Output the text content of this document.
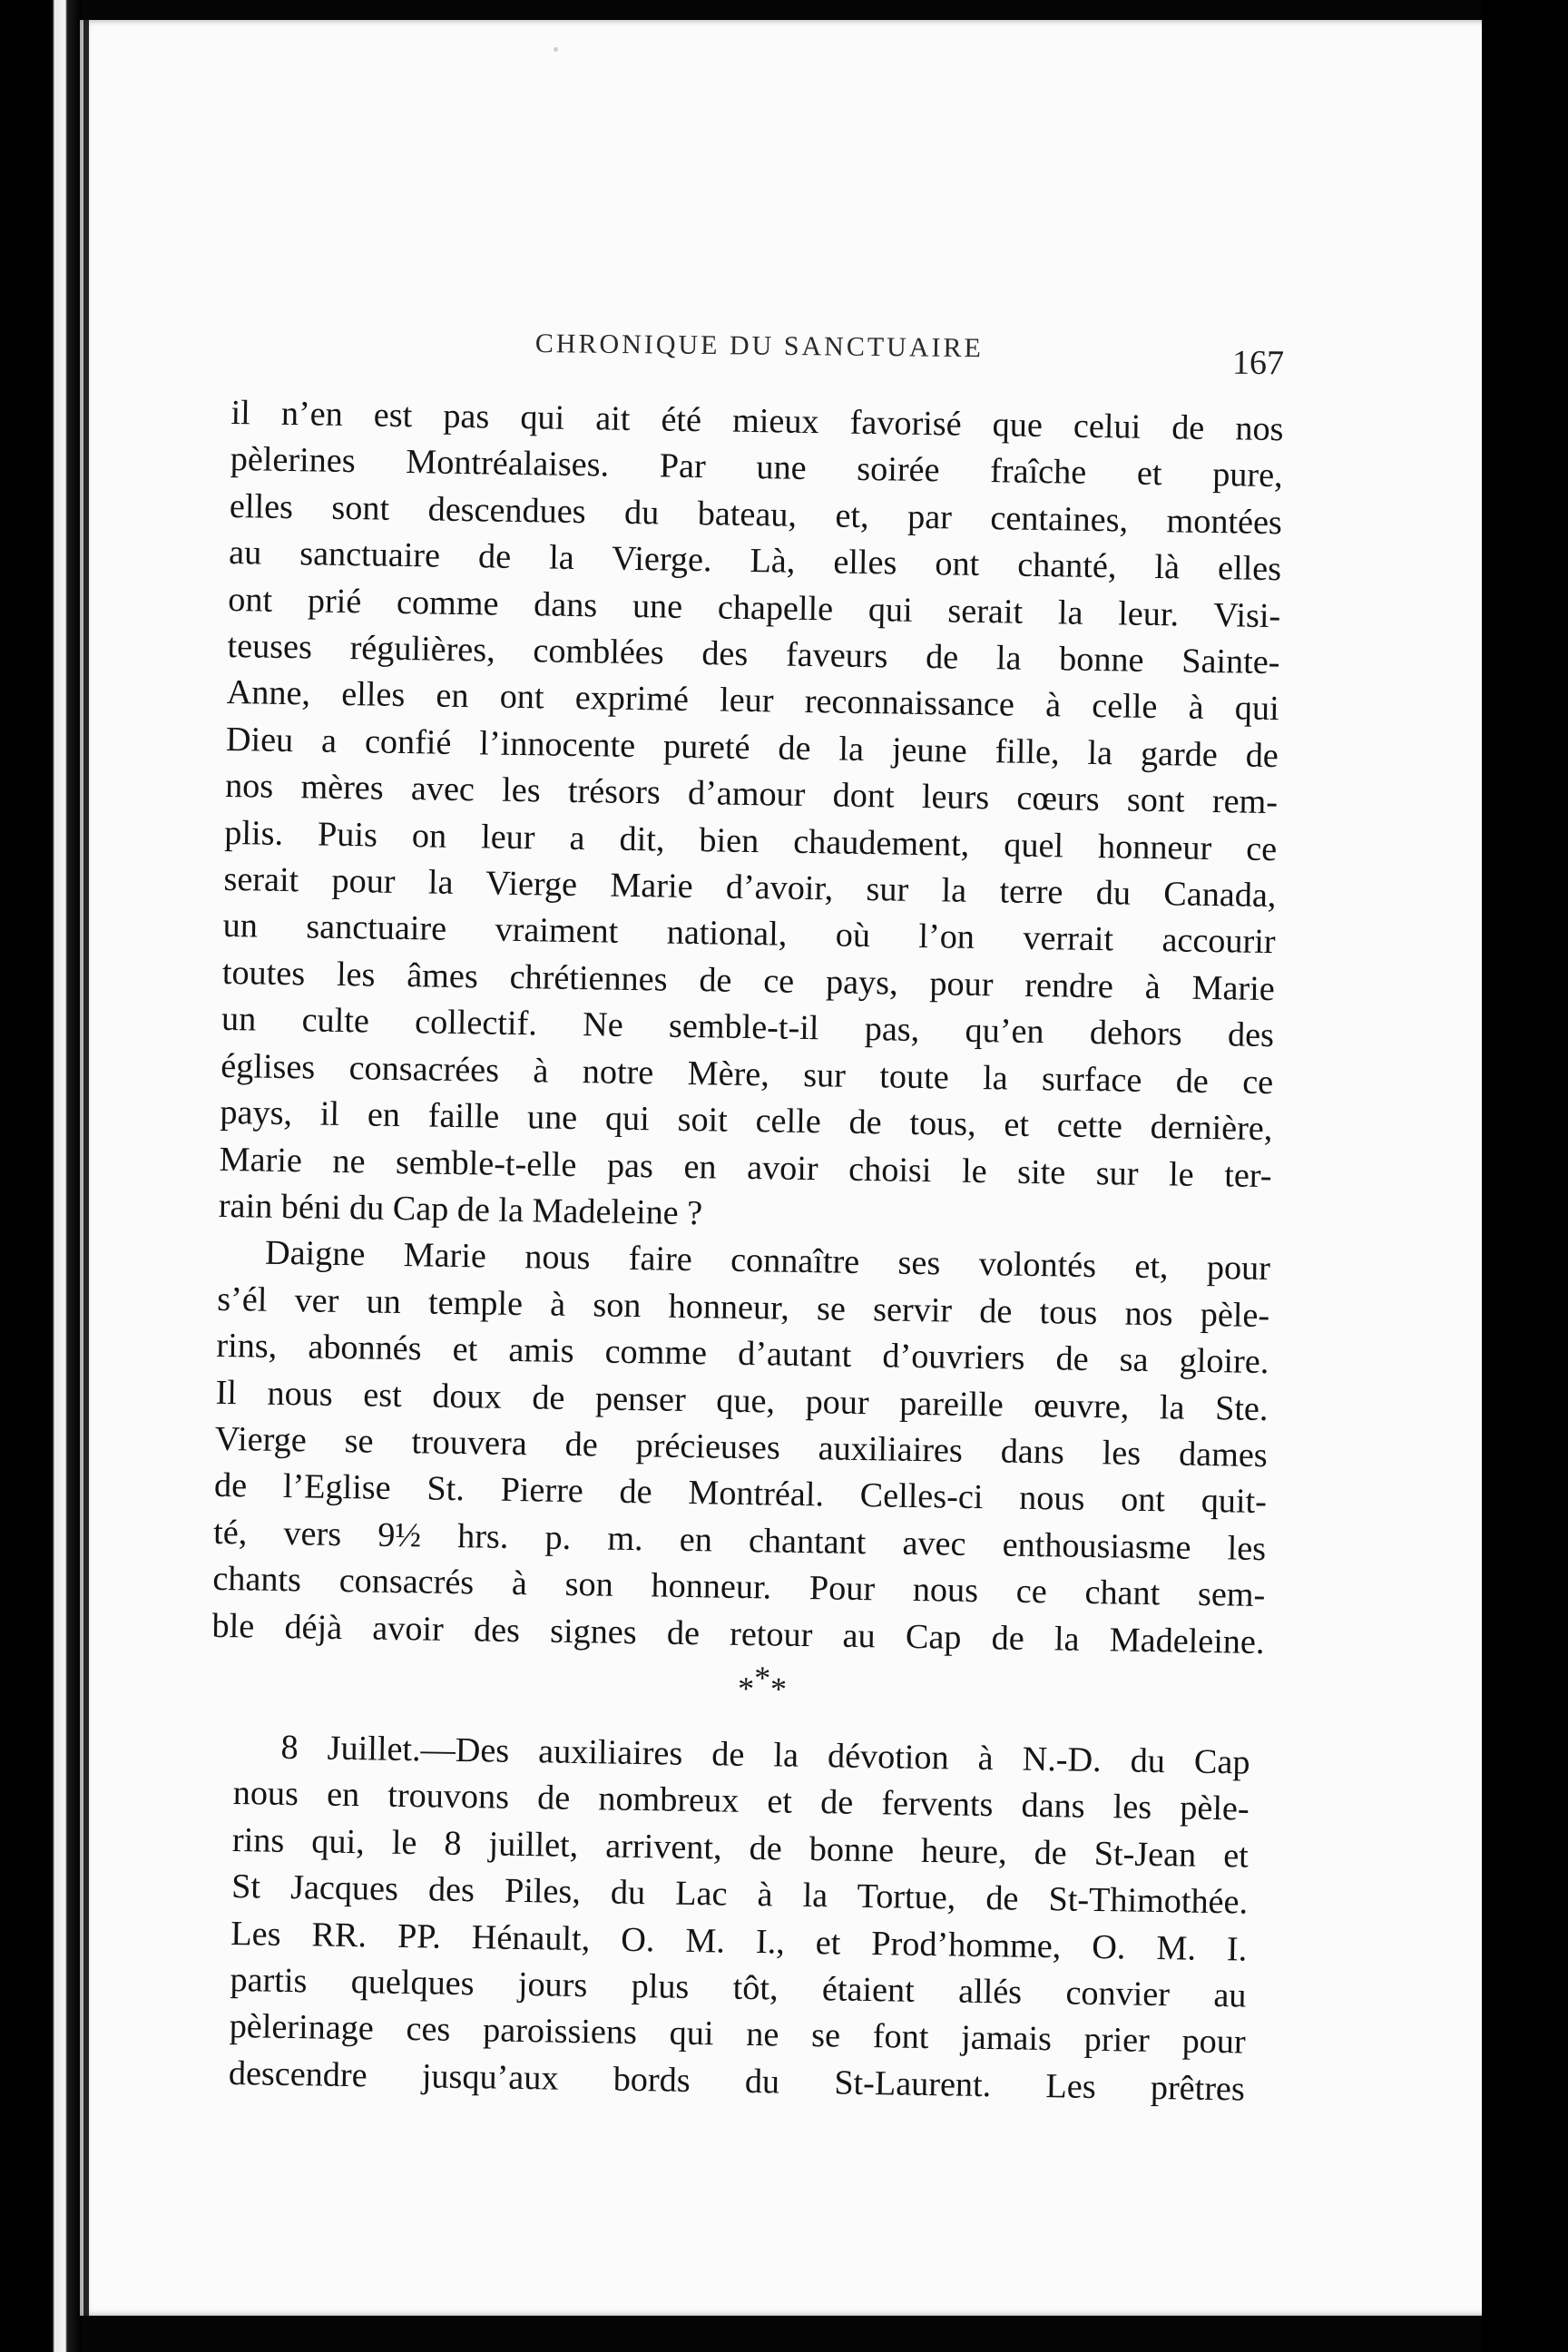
CHRONIQUE DU SANCTUAIRE	167

il n’en est pas qui ait été mieux favorisé que celui de nos
pèlerines Montréalaises. Par une soirée fraîche et pure,
elles sont descendues du bateau, et, par centaines, montées
au sanctuaire de la Vierge. Là, elles ont chanté, là elles
ont prié comme dans une chapelle qui serait la leur. Visi-
teuses régulières, comblées des faveurs de la bonne Sainte-
Anne, elles en ont exprimé leur reconnaissance à celle à qui
Dieu a confié l’innocente pureté de la jeune fille, la garde de
nos mères avec les trésors d’amour dont leurs cœurs sont rem-
plis. Puis on leur a dit, bien chaudement, quel honneur ce
serait pour la Vierge Marie d’avoir, sur la terre du Canada,
un sanctuaire vraiment national, où l’on verrait accourir
toutes les âmes chrétiennes de ce pays, pour rendre à Marie
un culte collectif. Ne semble-t-il pas, qu’en dehors des
églises consacrées à notre Mère, sur toute la surface de ce
pays, il en faille une qui soit celle de tous, et cette dernière,
Marie ne semble-t-elle pas en avoir choisi le site sur le ter-
rain béni du Cap de la Madeleine ?

Daigne Marie nous faire connaître ses volontés et, pour
s’él ver un temple à son honneur, se servir de tous nos pèle-
rins, abonnés et amis comme d’autant d’ouvriers de sa gloire.
Il nous est doux de penser que, pour pareille œuvre, la Ste.
Vierge se trouvera de précieuses auxiliaires dans les dames
de l’Eglise St. Pierre de Montréal. Celles-ci nous ont quit-
té, vers 9½ hrs. p. m. en chantant avec enthousiasme les
chants consacrés à son honneur. Pour nous ce chant sem-
ble déjà avoir des signes de retour au Cap de la Madeleine.

***

8 Juillet.—Des auxiliaires de la dévotion à N.-D. du Cap
nous en trouvons de nombreux et de fervents dans les pèle-
rins qui, le 8 juillet, arrivent, de bonne heure, de St-Jean et
St Jacques des Piles, du Lac à la Tortue, de St-Thimothée.
Les RR. PP. Hénault, O. M. I., et Prod’homme, O. M. I.
partis quelques jours plus tôt, étaient allés convier au
pèlerinage ces paroissiens qui ne se font jamais prier pour
descendre jusqu’aux bords du St-Laurent. Les prêtres
